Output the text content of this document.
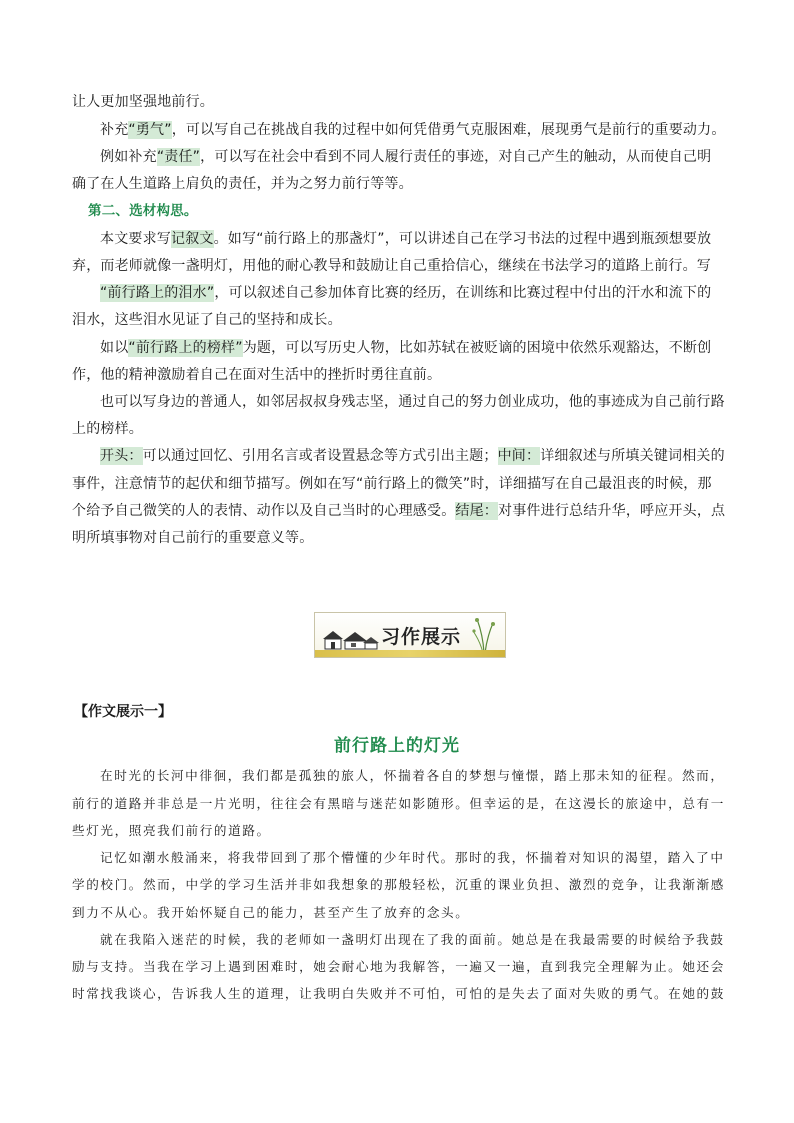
让人更加坚强地前行。
补充“勇气”，可以写自己在挑战自我的过程中如何凭借勇气克服困难，展现勇气是前行的重要动力。
例如补充“责任”，可以写在社会中看到不同人履行责任的事迹，对自己产生的触动，从而使自己明
确了在人生道路上肩负的责任，并为之努力前行等等。
第二、选材构思。
本文要求写记叙文。如写“前行路上的那盏灯”，可以讲述自己在学习书法的过程中遇到瓶颈想要放
弃，而老师就像一盏明灯，用他的耐心教导和鼓励让自己重拾信心，继续在书法学习的道路上前行。写
“前行路上的泪水”，可以叙述自己参加体育比赛的经历，在训练和比赛过程中付出的汗水和流下的
泪水，这些泪水见证了自己的坚持和成长。
如以“前行路上的榜样”为题，可以写历史人物，比如苏轼在被贬谪的困境中依然乐观豁达，不断创
作，他的精神激励着自己在面对生活中的挫折时勇往直前。
也可以写身边的普通人，如邻居叔叔身残志坚，通过自己的努力创业成功，他的事迹成为自己前行路
上的榜样。
开头：可以通过回忆、引用名言或者设置悬念等方式引出主题；中间：详细叙述与所填关键词相关的
事件，注意情节的起伏和细节描写。例如在写“前行路上的微笑”时，详细描写在自己最沮丧的时候，那
个给予自己微笑的人的表情、动作以及自己当时的心理感受。结尾：对事件进行总结升华，呼应开头，点
明所填事物对自己前行的重要意义等。
习作展示
【作文展示一】
前行路上的灯光
在时光的长河中徘徊，我们都是孤独的旅人，怀揣着各自的梦想与憧憬，踏上那未知的征程。然而，
前行的道路并非总是一片光明，往往会有黑暗与迷茫如影随形。但幸运的是，在这漫长的旅途中，总有一
些灯光，照亮我们前行的道路。
记忆如潮水般涌来，将我带回到了那个懵懂的少年时代。那时的我，怀揣着对知识的渴望，踏入了中
学的校门。然而，中学的学习生活并非如我想象的那般轻松，沉重的课业负担、激烈的竞争，让我渐渐感
到力不从心。我开始怀疑自己的能力，甚至产生了放弃的念头。
就在我陷入迷茫的时候，我的老师如一盏明灯出现在了我的面前。她总是在我最需要的时候给予我鼓
励与支持。当我在学习上遇到困难时，她会耐心地为我解答，一遍又一遍，直到我完全理解为止。她还会
时常找我谈心，告诉我人生的道理，让我明白失败并不可怕，可怕的是失去了面对失败的勇气。在她的鼓
